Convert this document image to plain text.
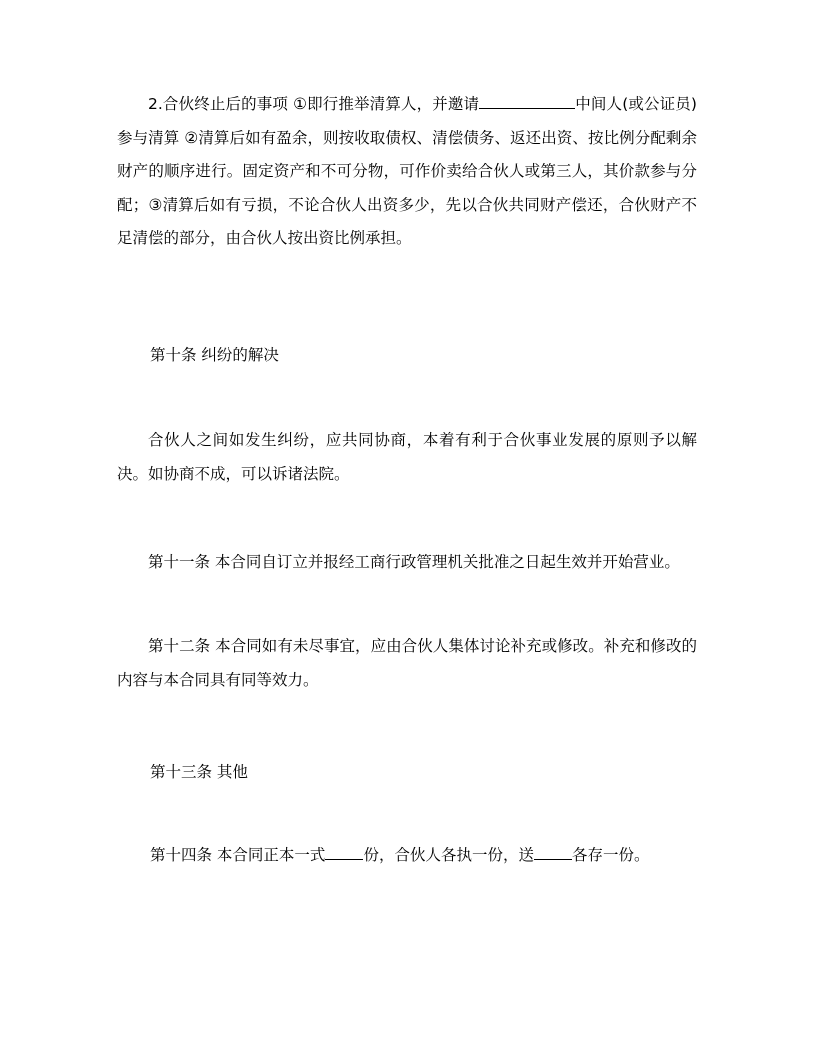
2.合伙终止后的事项 ①即行推举清算人，并邀请	中间人(或公证员)参与清算 ②清算后如有盈余，则按收取债权、清偿债务、返还出资、按比例分配剩余财产的顺序进行。固定资产和不可分物，可作价卖给合伙人或第三人，其价款参与分配；③清算后如有亏损，不论合伙人出资多少，先以合伙共同财产偿还，合伙财产不足清偿的部分，由合伙人按出资比例承担。

第十条 纠纷的解决

合伙人之间如发生纠纷，应共同协商，本着有利于合伙事业发展的原则予以解决。如协商不成，可以诉诸法院。

第十一条 本合同自订立并报经工商行政管理机关批准之日起生效并开始营业。

第十二条 本合同如有未尽事宜，应由合伙人集体讨论补充或修改。补充和修改的内容与本合同具有同等效力。

第十三条 其他

第十四条 本合同正本一式 份，合伙人各执一份，送 各存一份。
